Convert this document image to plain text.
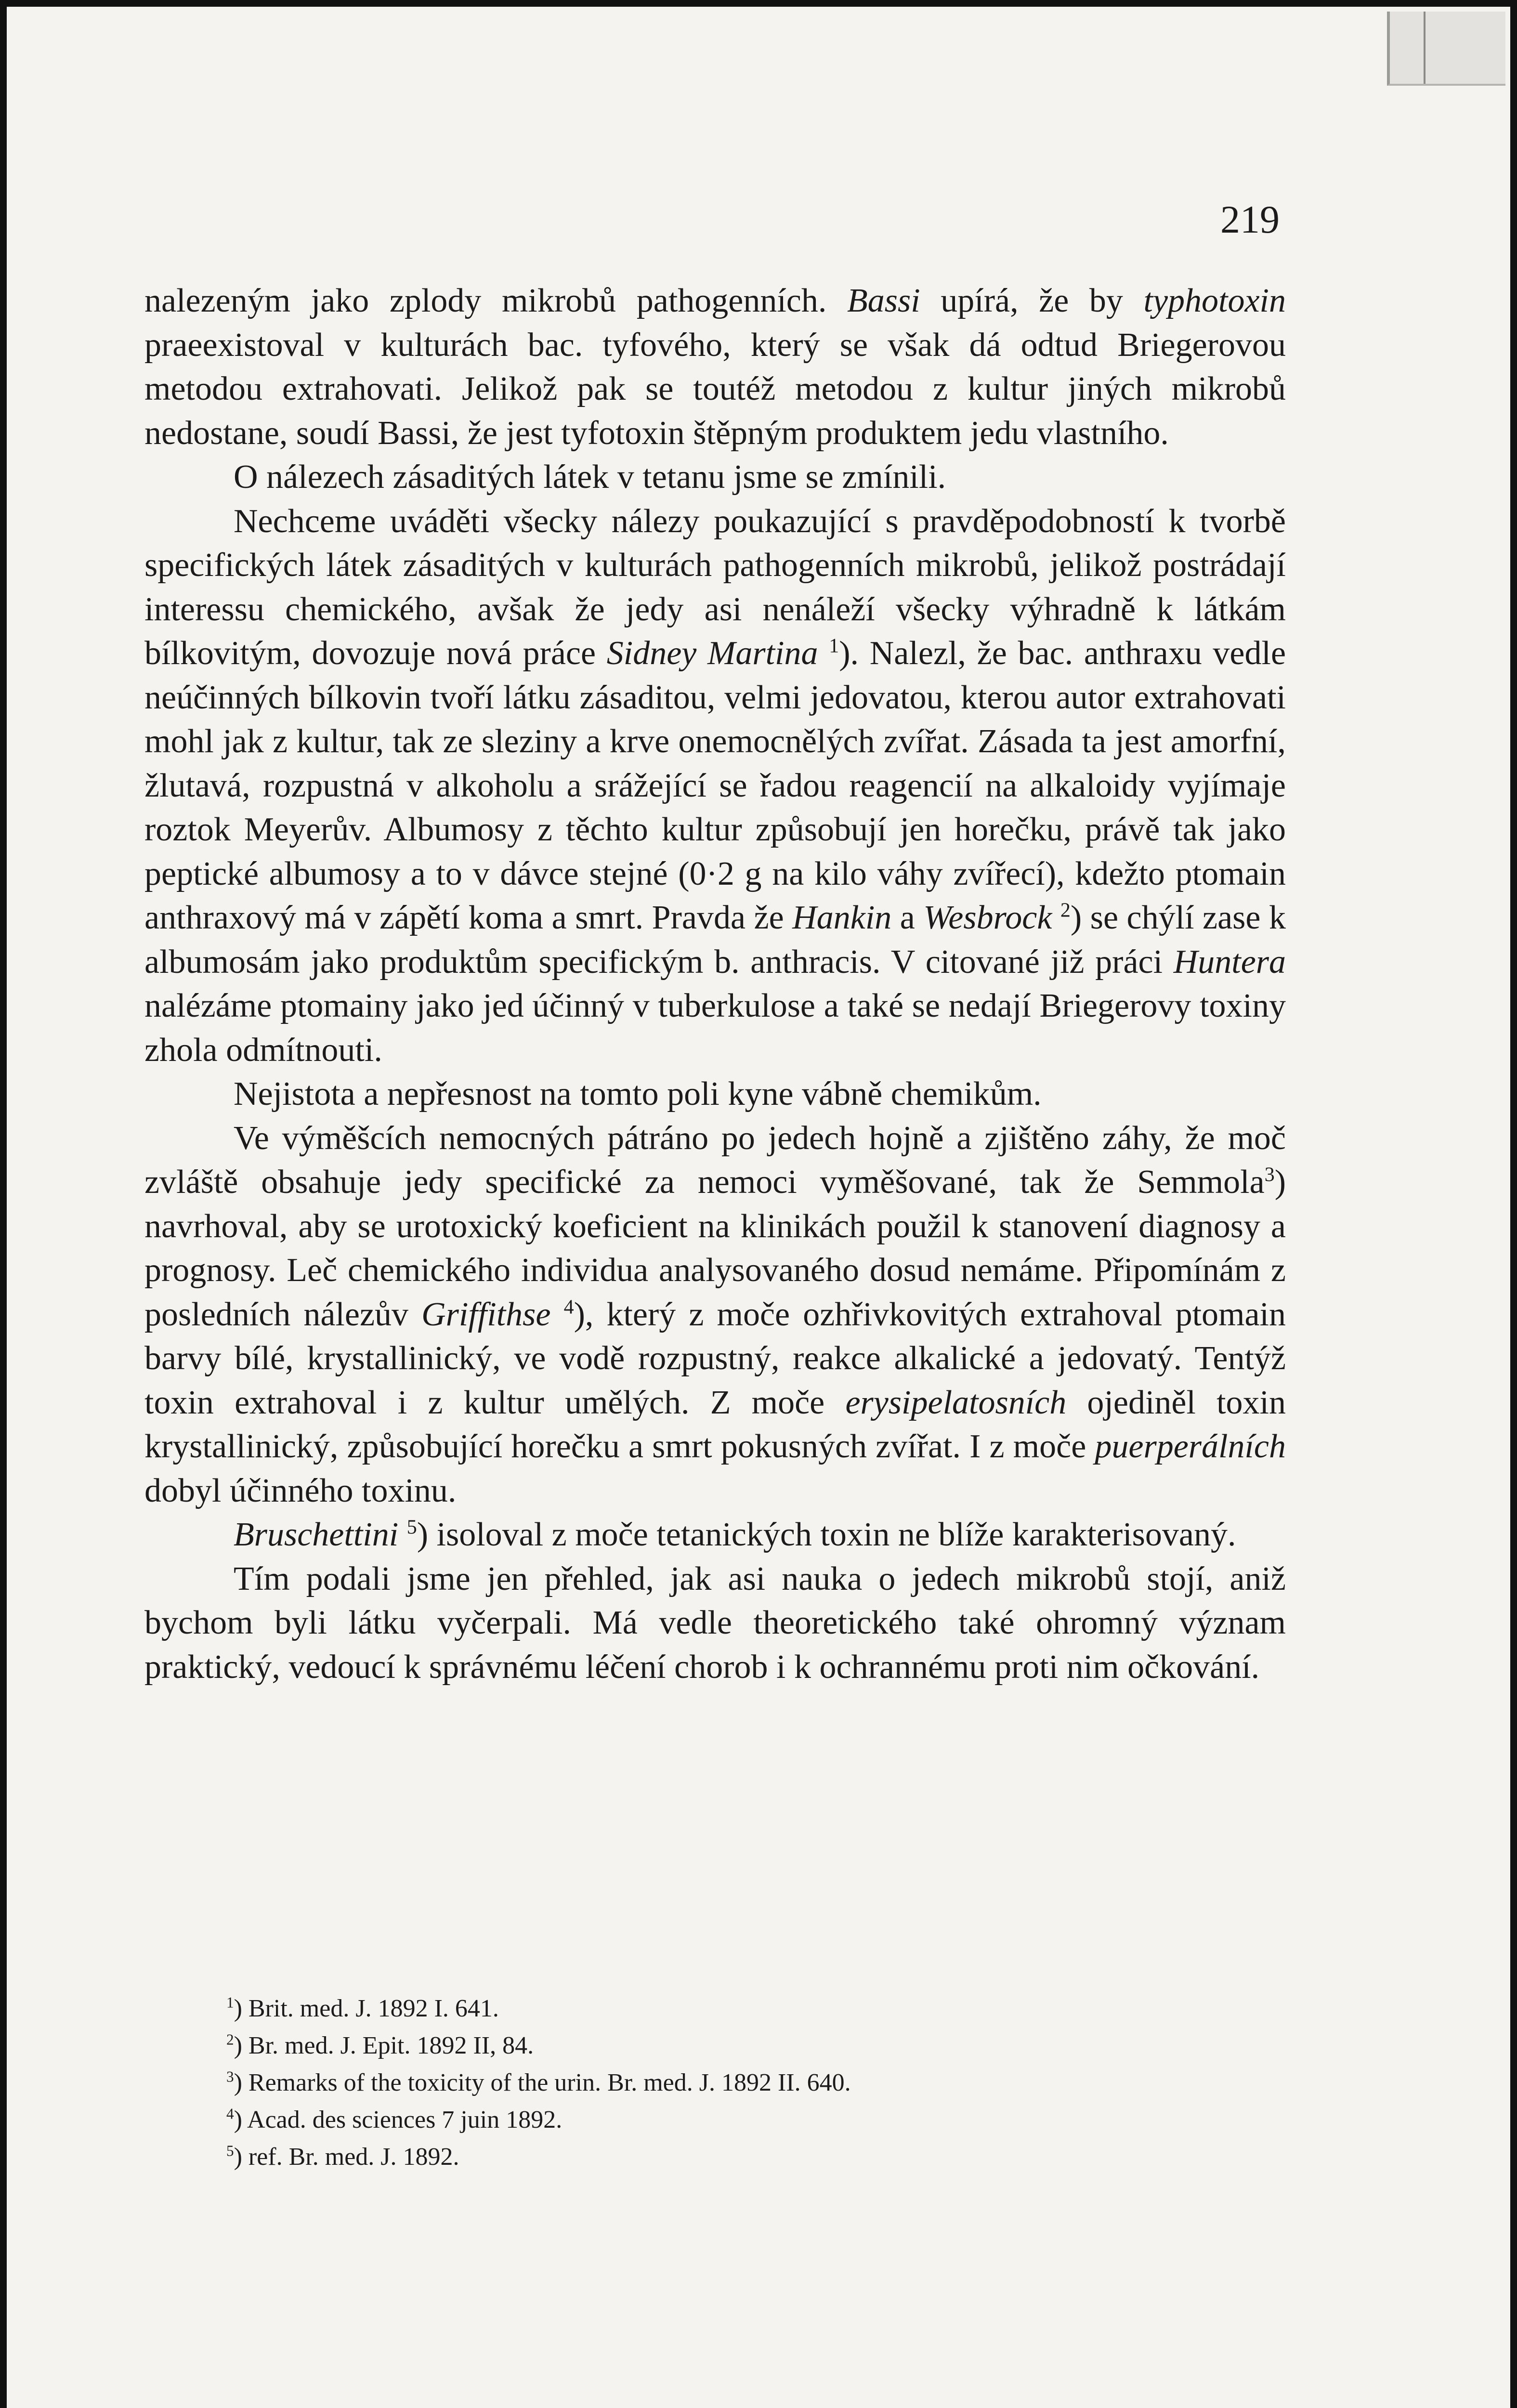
219

nalezeným jako zplody mikrobů pathogenních. Bassi upírá, že by typhotoxin praeexistoval v kulturách bac. tyfového, který se však dá odtud Briegerovou metodou extrahovati. Jelikož pak se toutéž metodou z kultur jiných mikrobů nedostane, soudí Bassi, že jest tyfotoxin štěpným produktem jedu vlastního.

O nálezech zásaditých látek v tetanu jsme se zmínili.

Nechceme uváděti všecky nálezy poukazující s pravděpodobností k tvorbě specifických látek zásaditých v kulturách pathogenních mikrobů, jelikož postrádají interessu chemického, avšak že jedy asi nenáleží všecky výhradně k látkám bílkovitým, dovozuje nová práce Sidney Martina $^1$). Nalezl, že bac. anthraxu vedle neúčinných bílkovin tvoří látku zásaditou, velmi jedovatou, kterou autor extrahovati mohl jak z kultur, tak ze sleziny a krve onemocnělých zvířat. Zásada ta jest amorfní, žlutavá, rozpustná v alkoholu a srážející se řadou reagencií na alkaloidy vyjímaje roztok Meyerův. Albumosy z těchto kultur způsobují jen horečku, právě tak jako peptické albumosy a to v dávce stejné (0·2 g na kilo váhy zvířecí), kdežto ptomain anthraxový má v zápětí koma a smrt. Pravda že Hankin a Wesbrock $^2$) se chýlí zase k albumosám jako produktům specifickým b. anthracis. V citované již práci Huntera nalézáme ptomainy jako jed účinný v tuberkulose a také se nedají Briegerovy toxiny zhola odmítnouti.

Nejistota a nepřesnost na tomto poli kyne vábně chemikům.

Ve výměšcích nemocných pátráno po jedech hojně a zjištěno záhy, že moč zvláště obsahuje jedy specifické za nemoci vyměšované, tak že Semmola$^3$) navrhoval, aby se urotoxický koeficient na klinikách použil k stanovení diagnosy a prognosy. Leč chemického individua analysovaného dosud nemáme. Připomínám z posledních nálezův Griffithse $^4$), který z moče ozhřivkovitých extrahoval ptomain barvy bílé, krystallinický, ve vodě rozpustný, reakce alkalické a jedovatý. Tentýž toxin extrahoval i z kultur umělých. Z moče erysipelatosních ojediněl toxin krystallinický, způsobující horečku a smrt pokusných zvířat. I z moče puerperálních dobyl účinného toxinu.

Bruschettini $^5$) isoloval z moče tetanických toxin ne blíže karakterisovaný.

Tím podali jsme jen přehled, jak asi nauka o jedech mikrobů stojí, aniž bychom byli látku vyčerpali. Má vedle theoretického také ohromný význam praktický, vedoucí k správnému léčení chorob i k ochrannému proti nim očkování.

$^1$) Brit. med. J. 1892 I. 641.
$^2$) Br. med. J. Epit. 1892 II, 84.
$^3$) Remarks of the toxicity of the urin. Br. med. J. 1892 II. 640.
$^4$) Acad. des sciences 7 juin 1892.
$^5$) ref. Br. med. J. 1892.
